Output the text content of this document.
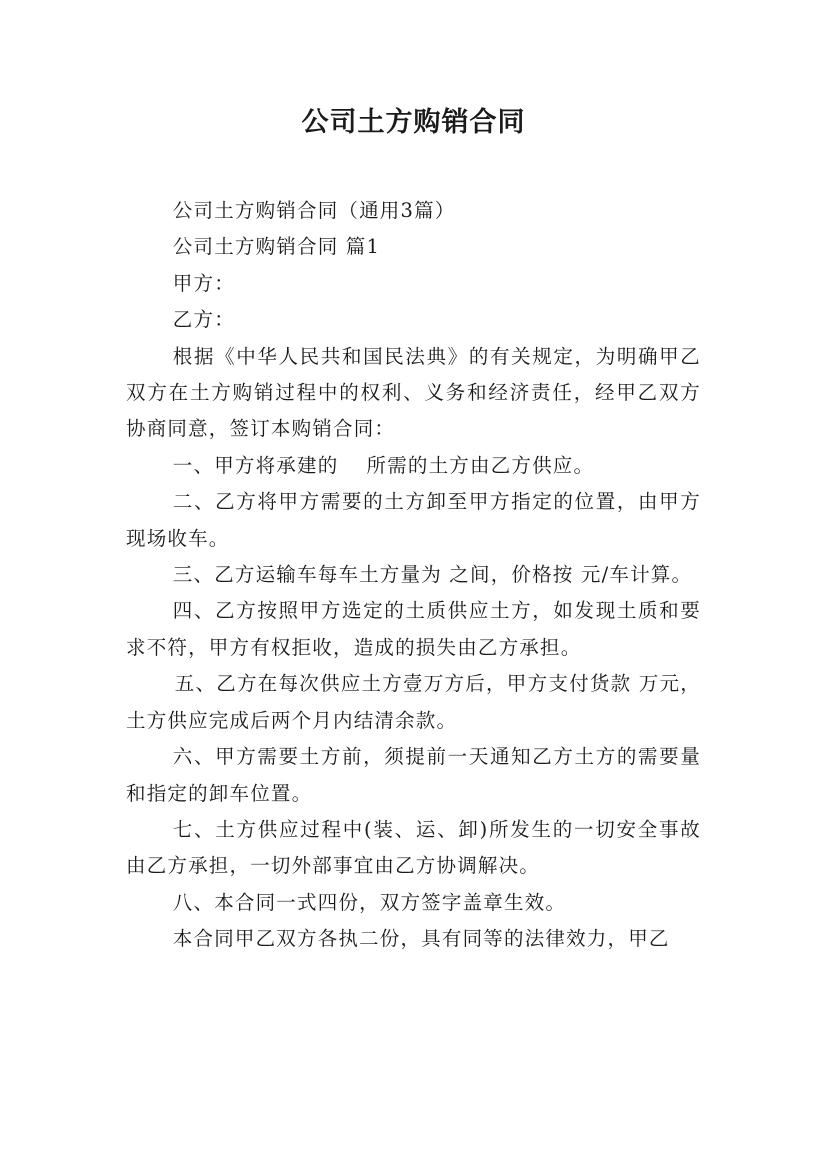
公司土方购销合同

公司土方购销合同（通用3篇）

公司土方购销合同 篇1

甲方：

乙方：

根据《中华人民共和国民法典》的有关规定，为明确甲乙双方在土方购销过程中的权利、义务和经济责任，经甲乙双方协商同意，签订本购销合同：

一、甲方将承建的　 所需的土方由乙方供应。

二、乙方将甲方需要的土方卸至甲方指定的位置，由甲方现场收车。

三、乙方运输车每车土方量为 之间，价格按 元/车计算。

四、乙方按照甲方选定的土质供应土方，如发现土质和要求不符，甲方有权拒收，造成的损失由乙方承担。

五、乙方在每次供应土方壹万方后，甲方支付货款 万元，土方供应完成后两个月内结清余款。

六、甲方需要土方前，须提前一天通知乙方土方的需要量和指定的卸车位置。

七、土方供应过程中(装、运、卸)所发生的一切安全事故由乙方承担，一切外部事宜由乙方协调解决。

八、本合同一式四份，双方签字盖章生效。

本合同甲乙双方各执二份，具有同等的法律效力，甲乙
